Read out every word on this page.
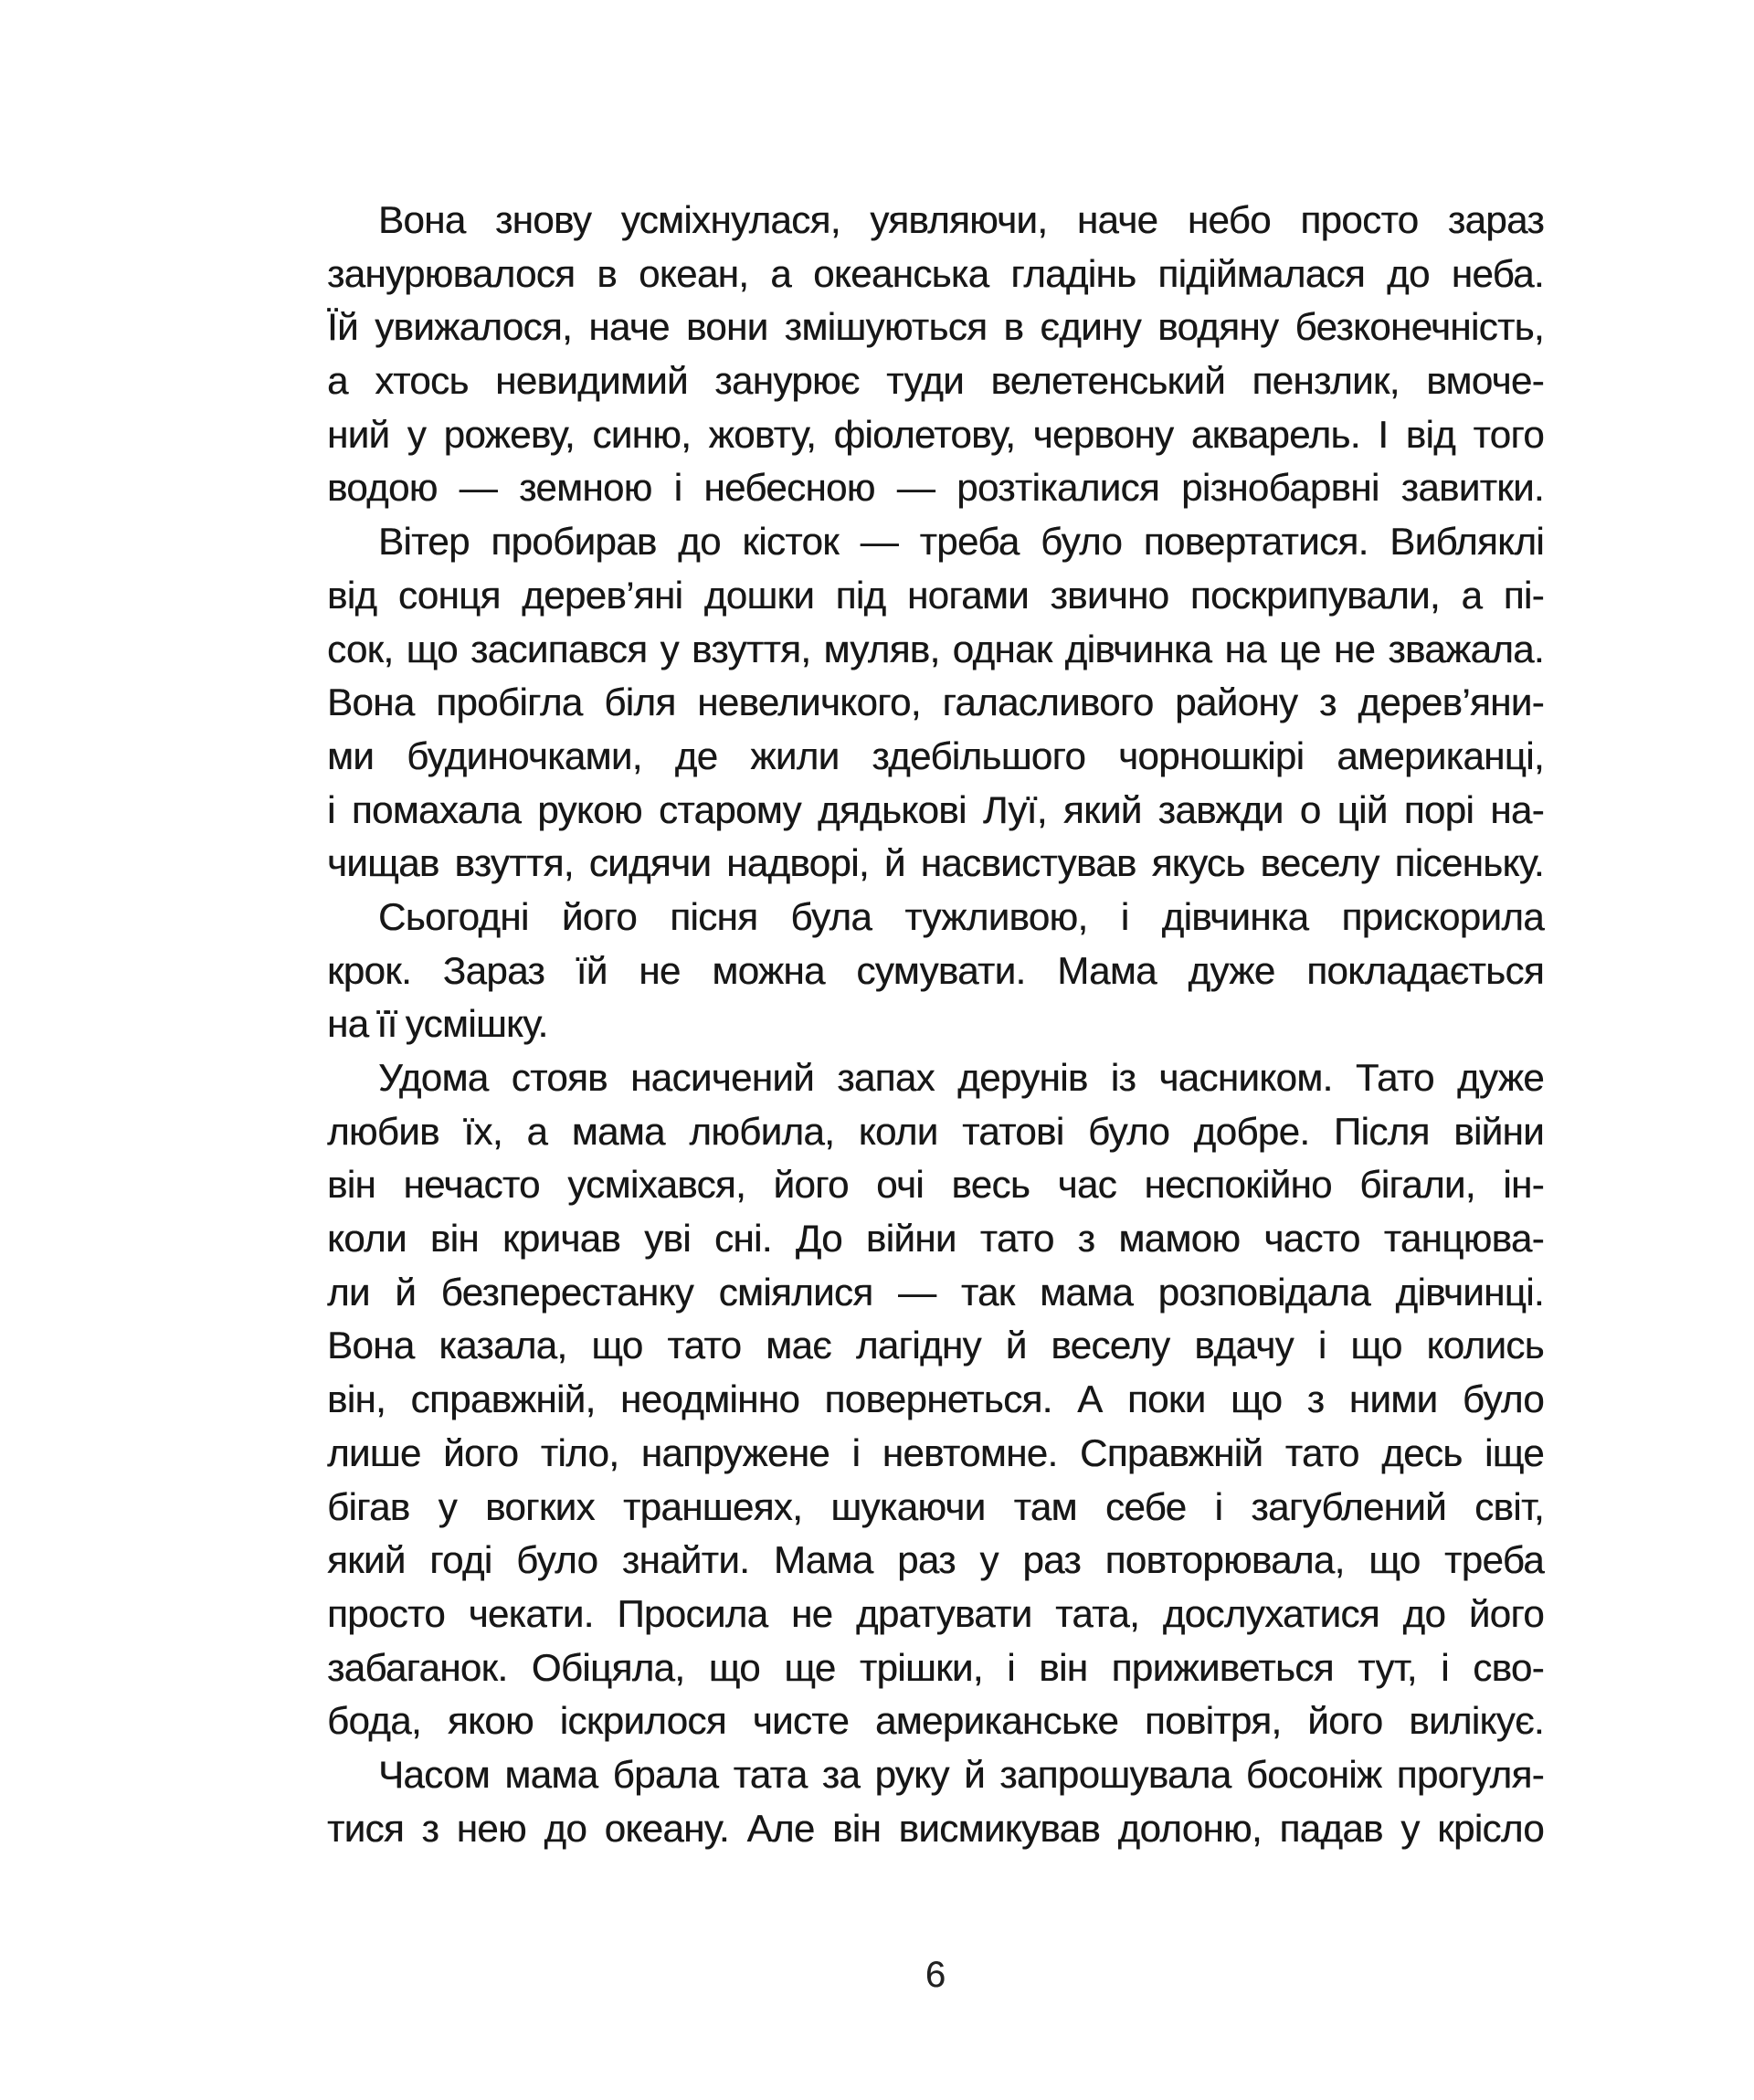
Вона знову усміхнулася, уявляючи, наче небо просто зараз
занурювалося в океан, а океанська гладінь підіймалася до неба.
Їй увижалося, наче вони змішуються в єдину водяну безконечність,
а хтось невидимий занурює туди велетенський пензлик, вмоче-
ний у рожеву, синю, жовту, фіолетову, червону акварель. І від того
водою — земною і небесною — розтікалися різнобарвні завитки.
Вітер пробирав до кісток — треба було повертатися. Вибляклі
від сонця дерев’яні дошки під ногами звично поскрипували, а пі-
сок, що засипався у взуття, муляв, однак дівчинка на це не зважала.
Вона пробігла біля невеличкого, галасливого району з дерев’яни-
ми будиночками, де жили здебільшого чорношкірі американці,
і помахала рукою старому дядькові Луї, який завжди о цій порі на-
чищав взуття, сидячи надворі, й насвистував якусь веселу пісеньку.
Сьогодні його пісня була тужливою, і дівчинка прискорила
крок. Зараз їй не можна сумувати. Мама дуже покладається
на її усмішку.
Удома стояв насичений запах дерунів із часником. Тато дуже
любив їх, а мама любила, коли татові було добре. Після війни
він нечасто усміхався, його очі весь час неспокійно бігали, ін-
коли він кричав уві сні. До війни тато з мамою часто танцюва-
ли й безперестанку сміялися — так мама розповідала дівчинці.
Вона казала, що тато має лагідну й веселу вдачу і що колись
він, справжній, неодмінно повернеться. А поки що з ними було
лише його тіло, напружене і невтомне. Справжній тато десь іще
бігав у вогких траншеях, шукаючи там себе і загублений світ,
який годі було знайти. Мама раз у раз повторювала, що треба
просто чекати. Просила не дратувати тата, дослухатися до його
забаганок. Обіцяла, що ще трішки, і він приживеться тут, і сво-
бода, якою іскрилося чисте американське повітря, його вилікує.
Часом мама брала тата за руку й запрошувала босоніж прогуля-
тися з нею до океану. Але він висмикував долоню, падав у крісло
6
